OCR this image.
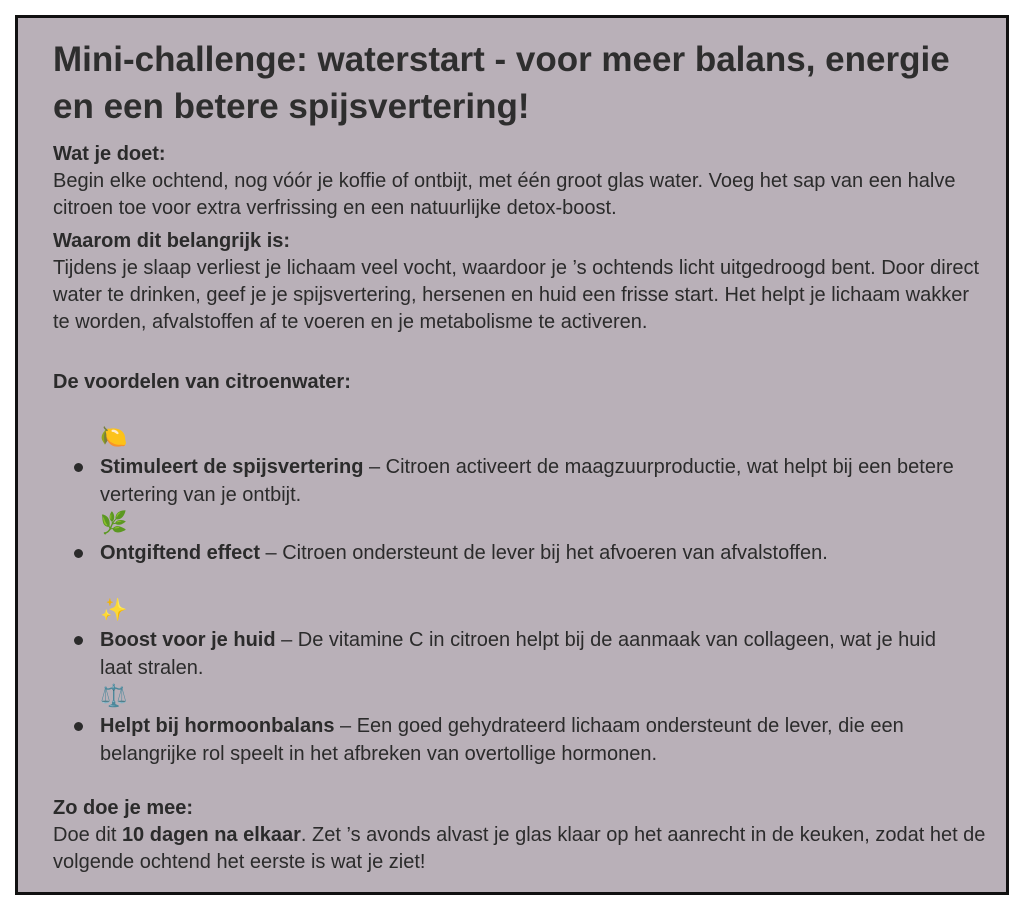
Mini-challenge: waterstart - voor meer balans, energie en een betere spijsvertering!
Wat je doet:

Begin elke ochtend, nog vóór je koffie of ontbijt, met één groot glas water. Voeg het sap van een halve citroen toe voor extra verfrissing en een natuurlijke detox-boost.

Waarom dit belangrijk is:

Tijdens je slaap verliest je lichaam veel vocht, waardoor je ’s ochtends licht uitgedroogd bent. Door direct water te drinken, geef je je spijsvertering, hersenen en huid een frisse start. Het helpt je lichaam wakker te worden, afvalstoffen af te voeren en je metabolisme te activeren.

De voordelen van citroenwater:
🍋

Stimuleert de spijsvertering – Citroen activeert de maagzuurproductie, wat helpt bij een betere vertering van je ontbijt.

🌿

Ontgiftend effect – Citroen ondersteunt de lever bij het afvoeren van afvalstoffen.

✨

Boost voor je huid – De vitamine C in citroen helpt bij de aanmaak van collageen, wat je huid laat stralen.

⚖️

Helpt bij hormoonbalans – Een goed gehydrateerd lichaam ondersteunt de lever, die een belangrijke rol speelt in het afbreken van overtollige hormonen.

Zo doe je mee:

Doe dit 10 dagen na elkaar. Zet ’s avonds alvast je glas klaar op het aanrecht in de keuken, zodat het de volgende ochtend het eerste is wat je ziet!
